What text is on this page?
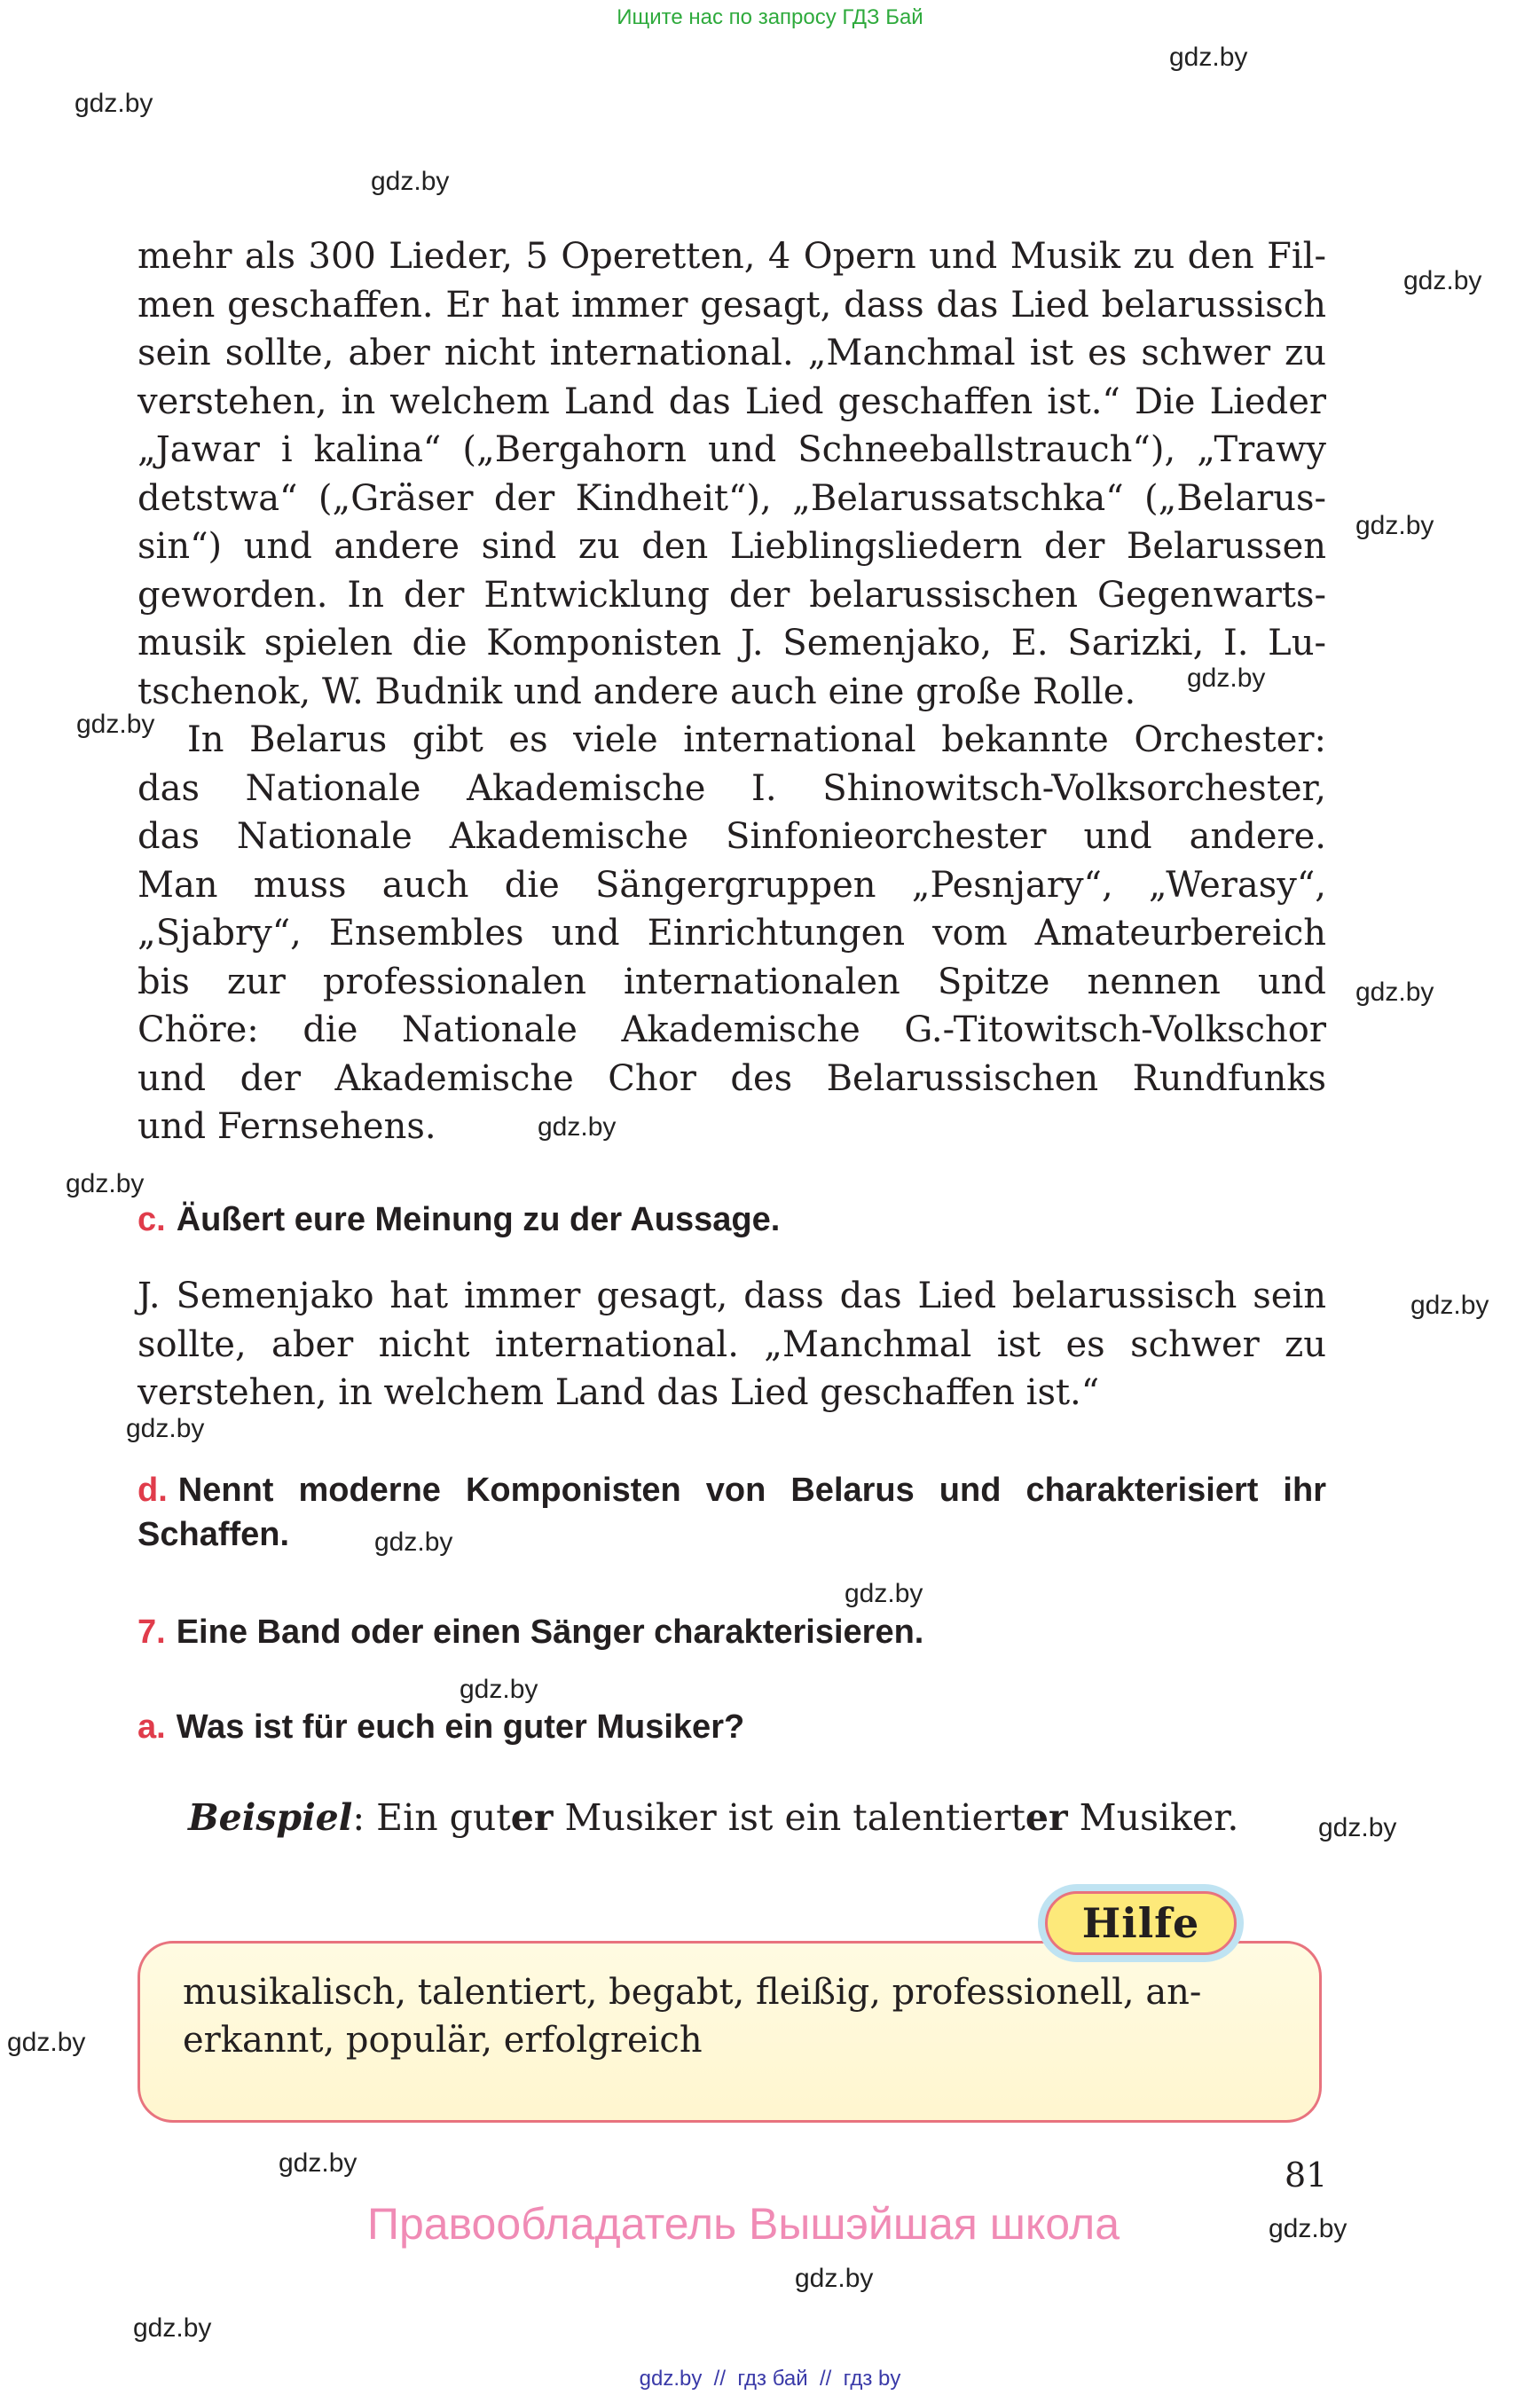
Ищите нас по запросу ГДЗ Бай
gdz.by
gdz.by
gdz.by
gdz.by
gdz.by
gdz.by
gdz.by
gdz.by
gdz.by
gdz.by
gdz.by
gdz.by
gdz.by
gdz.by
gdz.by
gdz.by
gdz.by
gdz.by
gdz.by
gdz.by
gdz.by
mehr als 300 Lieder, 5 Operetten, 4 Opern und Musik zu den Fil-
men geschaffen. Er hat immer gesagt, dass das Lied belarussisch
sein sollte, aber nicht international. „Manchmal ist es schwer zu
verstehen, in welchem Land das Lied geschaffen ist.“ Die Lieder
„Jawar i kalina“ („Bergahorn und Schneeballstrauch“), „Trawy
detstwa“ („Gräser der Kindheit“), „Belarussatschka“ („Belarus-
sin“) und andere sind zu den Lieblingsliedern der Belarussen
geworden. In der Entwicklung der belarussischen Gegenwarts-
musik spielen die Komponisten J. Semenjako, E. Sarizki, I. Lu-
tschenok, W. Budnik und andere auch eine große Rolle.
In Belarus gibt es viele international bekannte Orchester:
das Nationale Akademische I. Shinowitsch-Volksorchester,
das Nationale Akademische Sinfonieorchester und andere.
Man muss auch die Sängergruppen „Pesnjary“, „Werasy“,
„Sjabry“, Ensembles und Einrichtungen vom Amateurbereich
bis zur professionalen internationalen Spitze nennen und
Chöre: die Nationale Akademische G.-Titowitsch-Volkschor
und der Akademische Chor des Belarussischen Rundfunks
und Fernsehens.
c. Äußert eure Meinung zu der Aussage.
J. Semenjako hat immer gesagt, dass das Lied belarussisch sein
sollte, aber nicht international. „Manchmal ist es schwer zu
verstehen, in welchem Land das Lied geschaffen ist.“
d. Nennt moderne Komponisten von Belarus und charakterisiert ihr Schaffen.
7. Eine Band oder einen Sänger charakterisieren.
a. Was ist für euch ein guter Musiker?
Beispiel: Ein guter Musiker ist ein talentierter Musiker.
musikalisch, talentiert, begabt, fleißig, professionell, an-
erkannt, populär, erfolgreich
Hilfe
81
Правообладатель Вышэйшая школа
gdz.by  //  гдз бай  //  гдз by
